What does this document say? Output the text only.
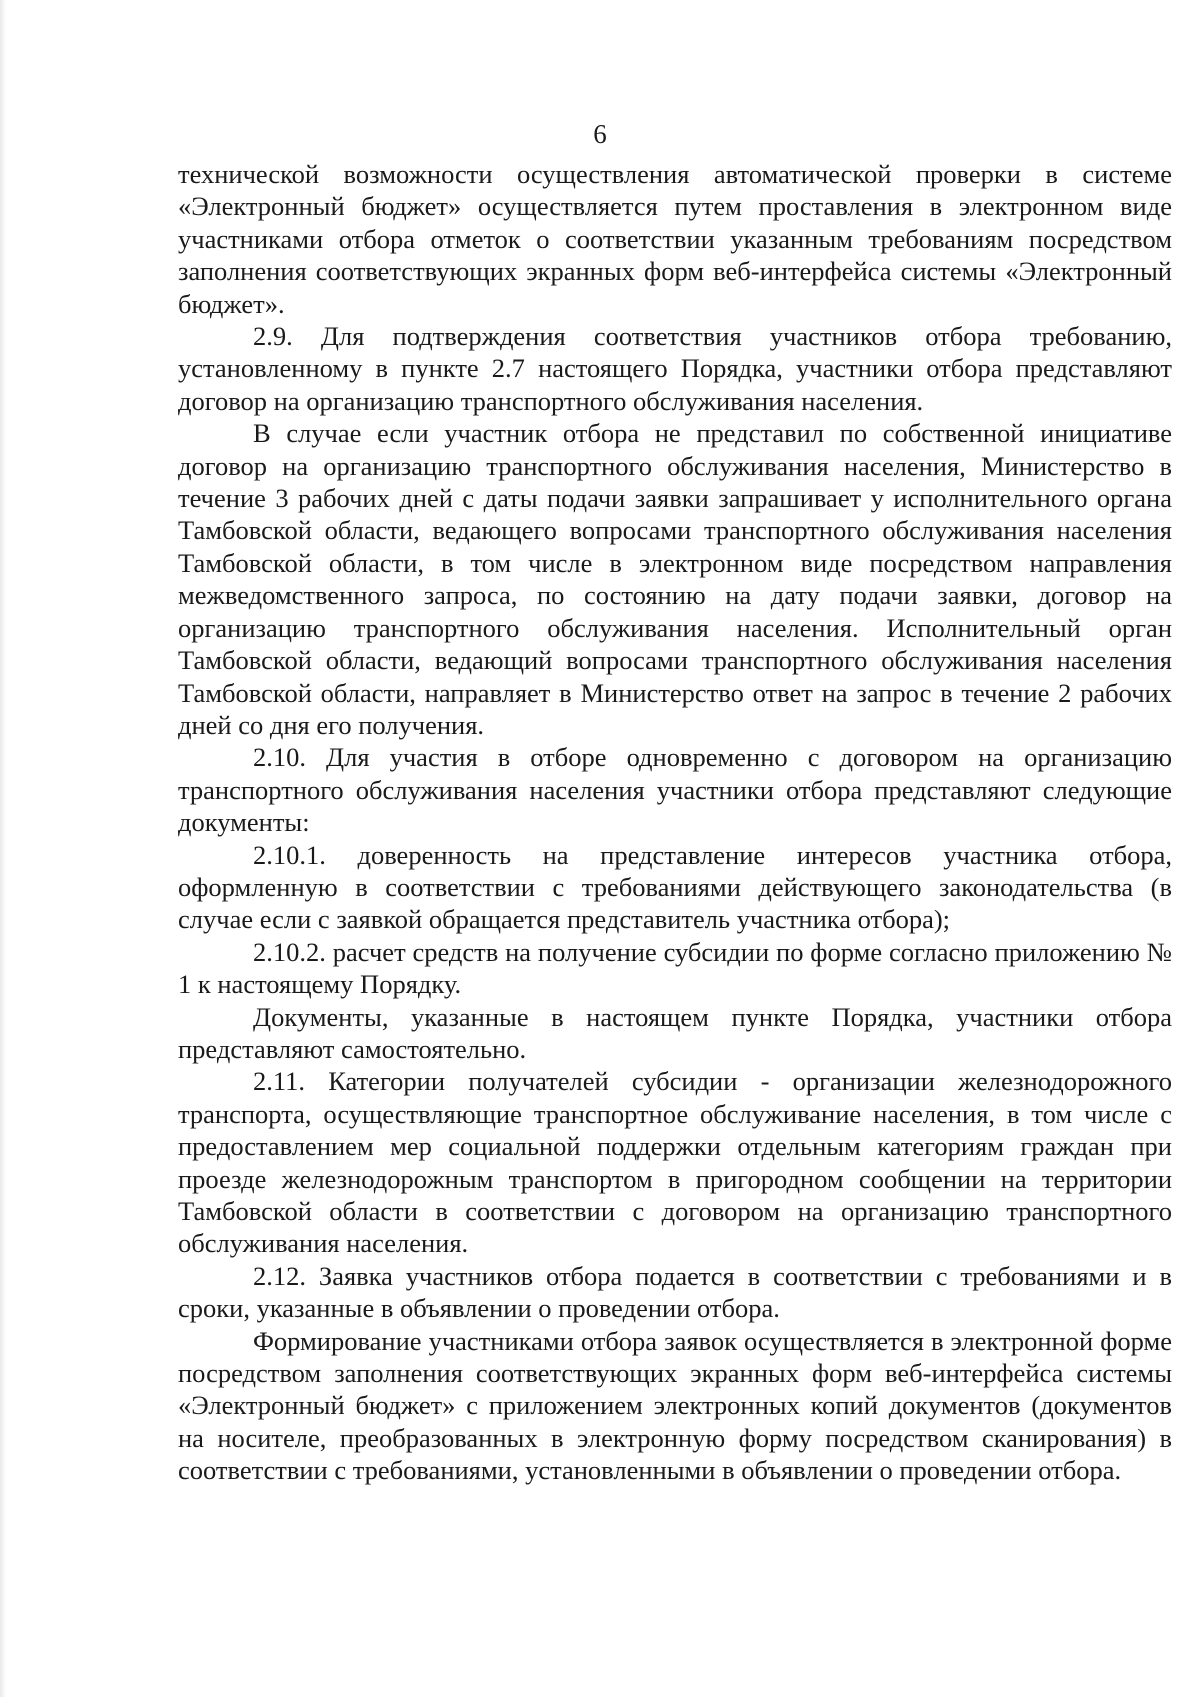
6

технической возможности осуществления автоматической проверки в системе «Электронный бюджет» осуществляется путем проставления в электронном виде участниками отбора отметок о соответствии указанным требованиям посредством заполнения соответствующих экранных форм веб-интерфейса системы «Электронный бюджет».

2.9. Для подтверждения соответствия участников отбора требованию, установленному в пункте 2.7 настоящего Порядка, участники отбора представляют договор на организацию транспортного обслуживания населения.

В случае если участник отбора не представил по собственной инициативе договор на организацию транспортного обслуживания населения, Министерство в течение 3 рабочих дней с даты подачи заявки запрашивает у исполнительного органа Тамбовской области, ведающего вопросами транспортного обслуживания населения Тамбовской области, в том числе в электронном виде посредством направления межведомственного запроса, по состоянию на дату подачи заявки, договор на организацию транспортного обслуживания населения. Исполнительный орган Тамбовской области, ведающий вопросами транспортного обслуживания населения Тамбовской области, направляет в Министерство ответ на запрос в течение 2 рабочих дней со дня его получения.

2.10. Для участия в отборе одновременно с договором на организацию транспортного обслуживания населения участники отбора представляют следующие документы:

2.10.1. доверенность на представление интересов участника отбора, оформленную в соответствии с требованиями действующего законодательства (в случае если с заявкой обращается представитель участника отбора);

2.10.2. расчет средств на получение субсидии по форме согласно приложению № 1 к настоящему Порядку.

Документы, указанные в настоящем пункте Порядка, участники отбора представляют самостоятельно.

2.11. Категории получателей субсидии - организации железнодорожного транспорта, осуществляющие транспортное обслуживание населения, в том числе с предоставлением мер социальной поддержки отдельным категориям граждан при проезде железнодорожным транспортом в пригородном сообщении на территории Тамбовской области в соответствии с договором на организацию транспортного обслуживания населения.

2.12. Заявка участников отбора подается в соответствии с требованиями и в сроки, указанные в объявлении о проведении отбора.

Формирование участниками отбора заявок осуществляется в электронной форме посредством заполнения соответствующих экранных форм веб-интерфейса системы «Электронный бюджет» с приложением электронных копий документов (документов на носителе, преобразованных в электронную форму посредством сканирования) в соответствии с требованиями, установленными в объявлении о проведении отбора.
